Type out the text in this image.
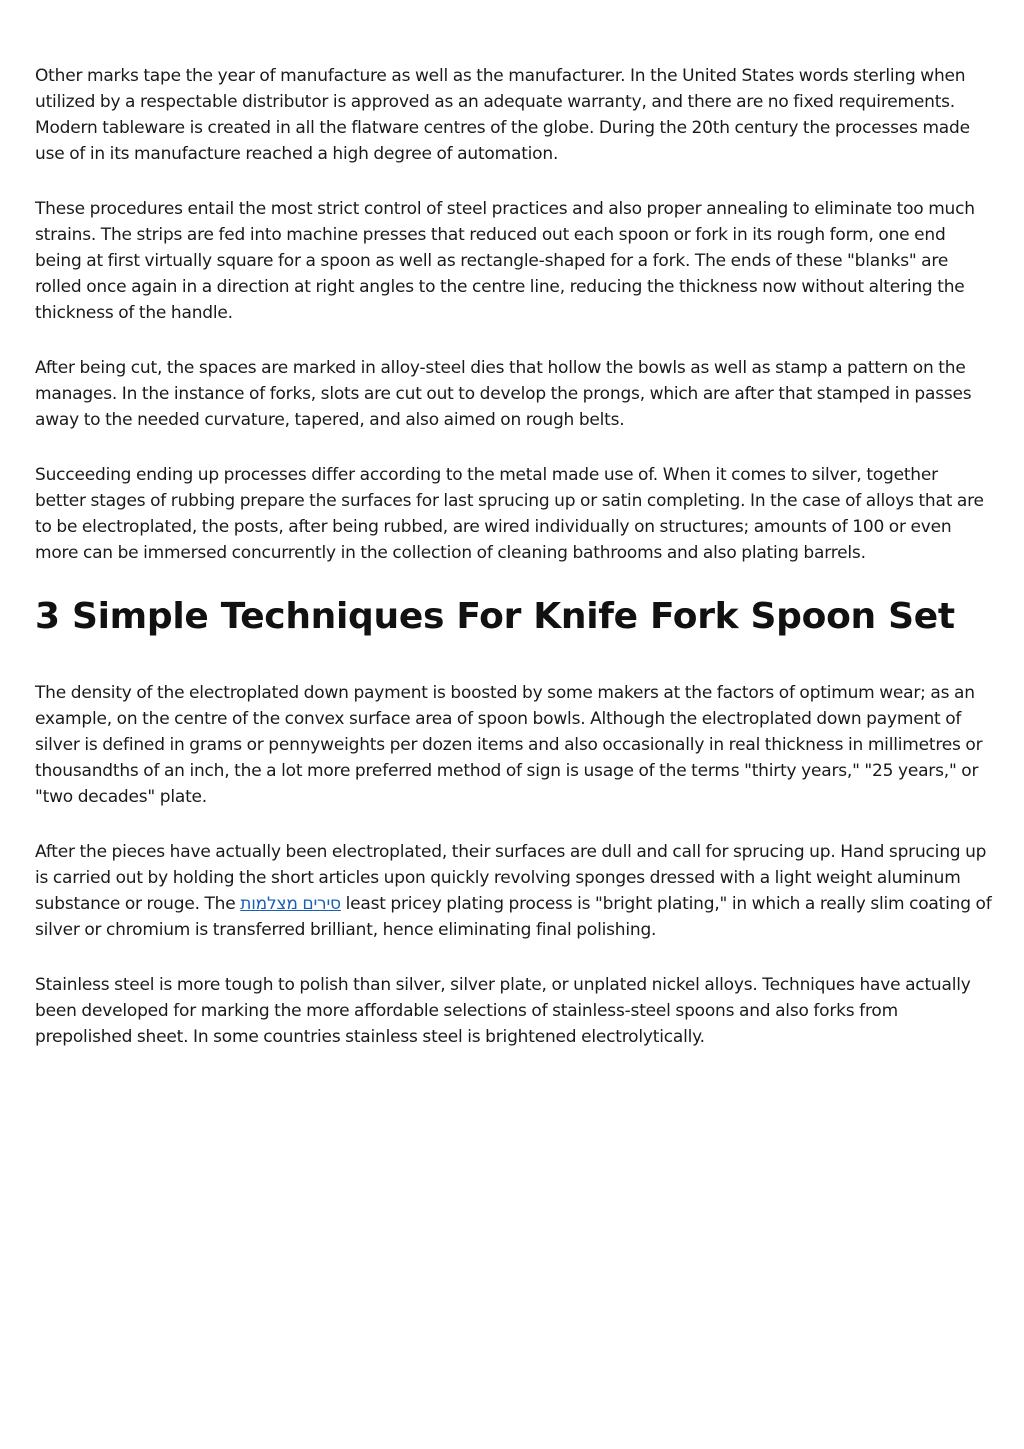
Other marks tape the year of manufacture as well as the manufacturer. In the United States words sterling when utilized by a respectable distributor is approved as an adequate warranty, and there are no fixed requirements. Modern tableware is created in all the flatware centres of the globe. During the 20th century the processes made use of in its manufacture reached a high degree of automation.

These procedures entail the most strict control of steel practices and also proper annealing to eliminate too much strains. The strips are fed into machine presses that reduced out each spoon or fork in its rough form, one end being at first virtually square for a spoon as well as rectangle-shaped for a fork. The ends of these "blanks" are rolled once again in a direction at right angles to the centre line, reducing the thickness now without altering the thickness of the handle.

After being cut, the spaces are marked in alloy-steel dies that hollow the bowls as well as stamp a pattern on the manages. In the instance of forks, slots are cut out to develop the prongs, which are after that stamped in passes away to the needed curvature, tapered, and also aimed on rough belts.

Succeeding ending up processes differ according to the metal made use of. When it comes to silver, together better stages of rubbing prepare the surfaces for last sprucing up or satin completing. In the case of alloys that are to be electroplated, the posts, after being rubbed, are wired individually on structures; amounts of 100 or even more can be immersed concurrently in the collection of cleaning bathrooms and also plating barrels.

3 Simple Techniques For Knife Fork Spoon Set

The density of the electroplated down payment is boosted by some makers at the factors of optimum wear; as an example, on the centre of the convex surface area of spoon bowls. Although the electroplated down payment of silver is defined in grams or pennyweights per dozen items and also occasionally in real thickness in millimetres or thousandths of an inch, the a lot more preferred method of sign is usage of the terms "thirty years," "25 years," or "two decades" plate.

After the pieces have actually been electroplated, their surfaces are dull and call for sprucing up. Hand sprucing up is carried out by holding the short articles upon quickly revolving sponges dressed with a light weight aluminum substance or rouge. The סירים מצלמות least pricey plating process is "bright plating," in which a really slim coating of silver or chromium is transferred brilliant, hence eliminating final polishing.

Stainless steel is more tough to polish than silver, silver plate, or unplated nickel alloys. Techniques have actually been developed for marking the more affordable selections of stainless-steel spoons and also forks from prepolished sheet. In some countries stainless steel is brightened electrolytically.
